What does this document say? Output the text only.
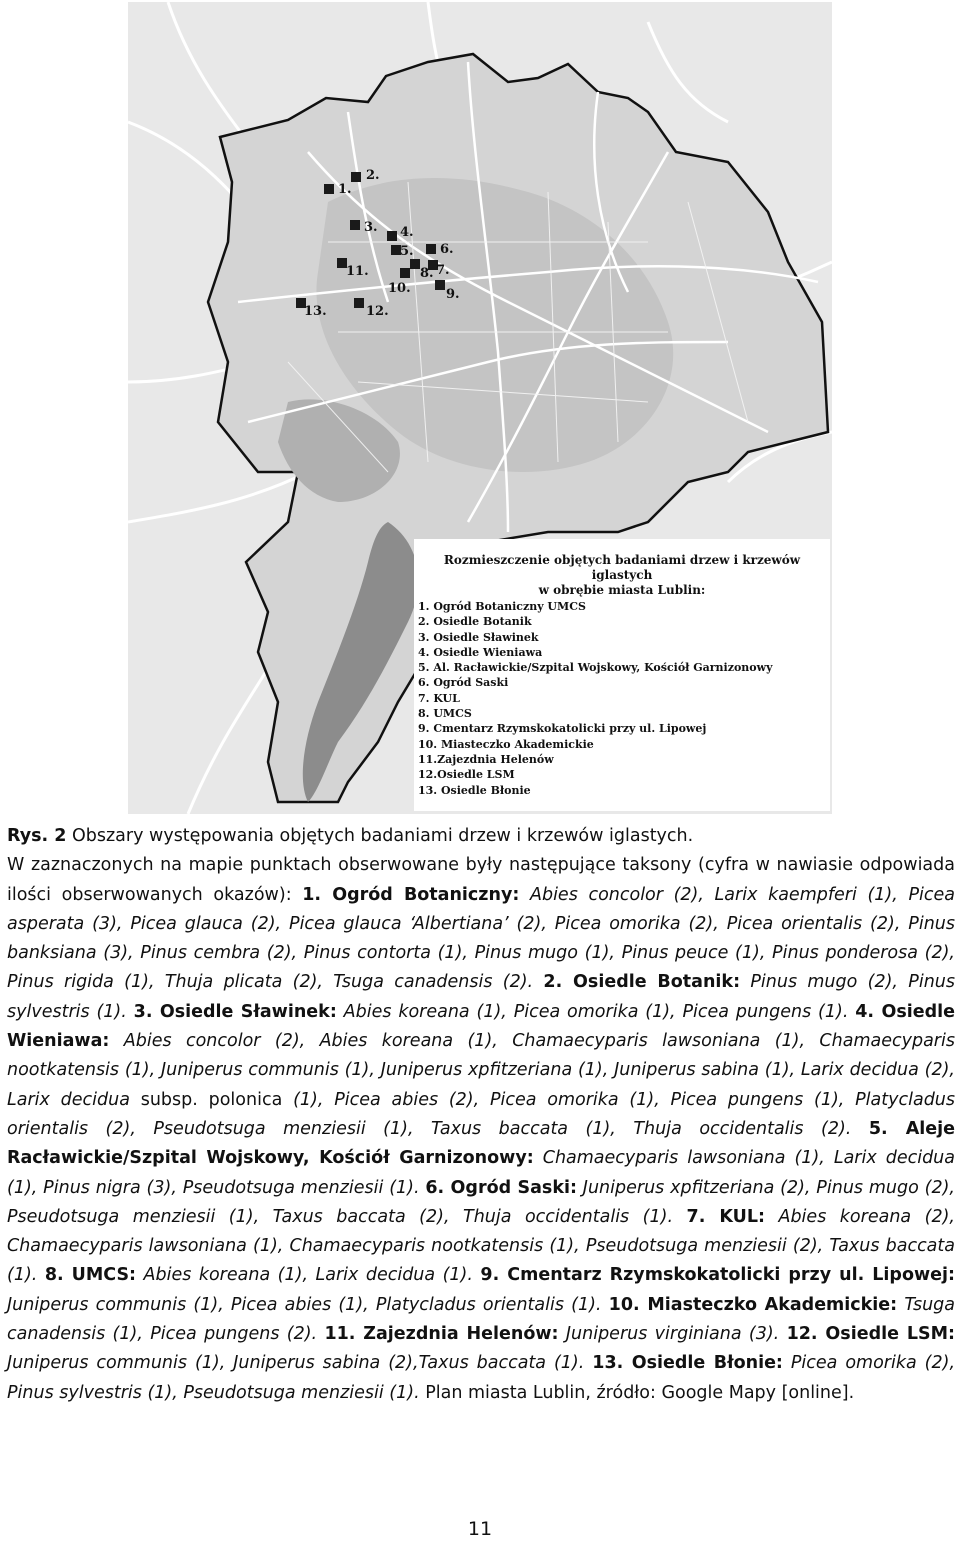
1.
2.
3. 4.
5. 6.
7.
8.
9.
10.
11.
12.
13.
Rozmieszczenie objętych badaniami drzew i krzewów iglastych
w obrębie miasta Lublin:
1. Ogród Botaniczny UMCS
2. Osiedle Botanik
3. Osiedle Sławinek
4. Osiedle Wieniawa
5. Al. Racławickie/Szpital Wojskowy, Kościół Garnizonowy
6. Ogród Saski
7. KUL
8. UMCS
9. Cmentarz Rzymskokatolicki przy ul. Lipowej
10. Miasteczko Akademickie
11.Zajezdnia Helenów
12.Osiedle LSM
13. Osiedle Błonie

Rys. 2 Obszary występowania objętych badaniami drzew i krzewów iglastych.

W zaznaczonych na mapie punktach obserwowane były następujące taksony (cyfra w nawiasie odpowiada ilości obserwowanych okazów): 1. Ogród Botaniczny: Abies concolor (2), Larix kaempferi (1), Picea asperata (3), Picea glauca (2), Picea glauca ‘Albertiana’ (2), Picea omorika (2), Picea orientalis (2), Pinus banksiana (3), Pinus cembra (2), Pinus contorta (1), Pinus mugo (1), Pinus peuce (1), Pinus ponderosa (2), Pinus rigida (1), Thuja plicata (2), Tsuga canadensis (2). 2. Osiedle Botanik: Pinus mugo (2), Pinus sylvestris (1). 3. Osiedle Sławinek: Abies koreana (1), Picea omorika (1), Picea pungens (1). 4. Osiedle Wieniawa: Abies concolor (2), Abies koreana (1), Chamaecyparis lawsoniana (1), Chamaecyparis nootkatensis (1), Juniperus communis (1), Juniperus xpfitzeriana (1), Juniperus sabina (1), Larix decidua (2), Larix decidua subsp. polonica (1), Picea abies (2), Picea omorika (1), Picea pungens (1), Platycladus orientalis (2), Pseudotsuga menziesii (1), Taxus baccata (1), Thuja occidentalis (2). 5. Aleje Racławickie/Szpital Wojskowy, Kościół Garnizonowy: Chamaecyparis lawsoniana (1), Larix decidua (1), Pinus nigra (3), Pseudotsuga menziesii (1). 6. Ogród Saski: Juniperus xpfitzeriana (2), Pinus mugo (2), Pseudotsuga menziesii (1), Taxus baccata (2), Thuja occidentalis (1). 7. KUL: Abies koreana (2), Chamaecyparis lawsoniana (1), Chamaecyparis nootkatensis (1), Pseudotsuga menziesii (2), Taxus baccata (1). 8. UMCS: Abies koreana (1), Larix decidua (1). 9. Cmentarz Rzymskokatolicki przy ul. Lipowej: Juniperus communis (1), Picea abies (1), Platycladus orientalis (1). 10. Miasteczko Akademickie: Tsuga canadensis (1), Picea pungens (2). 11. Zajezdnia Helenów: Juniperus virginiana (3). 12. Osiedle LSM: Juniperus communis (1), Juniperus sabina (2),Taxus baccata (1). 13. Osiedle Błonie: Picea omorika (2), Pinus sylvestris (1), Pseudotsuga menziesii (1). Plan miasta Lublin, źródło: Google Mapy [online].

11
